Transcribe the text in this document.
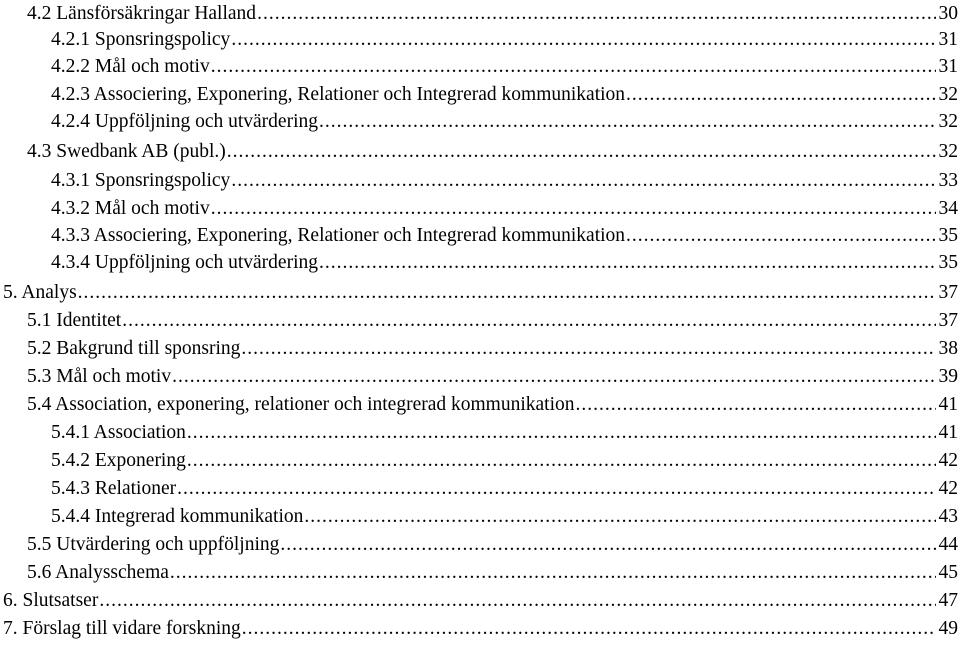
4.2 Länsförsäkringar Halland .....	30
4.2.1 Sponsringspolicy .....	31
4.2.2 Mål och motiv .....	31
4.2.3 Associering, Exponering, Relationer och Integrerad kommunikation .....	32
4.2.4 Uppföljning och utvärdering .....	32
4.3 Swedbank AB (publ.) .....	32
4.3.1 Sponsringspolicy .....	33
4.3.2 Mål och motiv .....	34
4.3.3 Associering, Exponering, Relationer och Integrerad kommunikation .....	35
4.3.4 Uppföljning och utvärdering .....	35
5. Analys .....	37
5.1 Identitet .....	37
5.2 Bakgrund till sponsring .....	38
5.3 Mål och motiv .....	39
5.4 Association, exponering, relationer och integrerad kommunikation .....	41
5.4.1 Association .....	41
5.4.2 Exponering .....	42
5.4.3 Relationer .....	42
5.4.4 Integrerad kommunikation .....	43
5.5 Utvärdering och uppföljning .....	44
5.6 Analysschema .....	45
6. Slutsatser .....	47
7. Förslag till vidare forskning .....	49
